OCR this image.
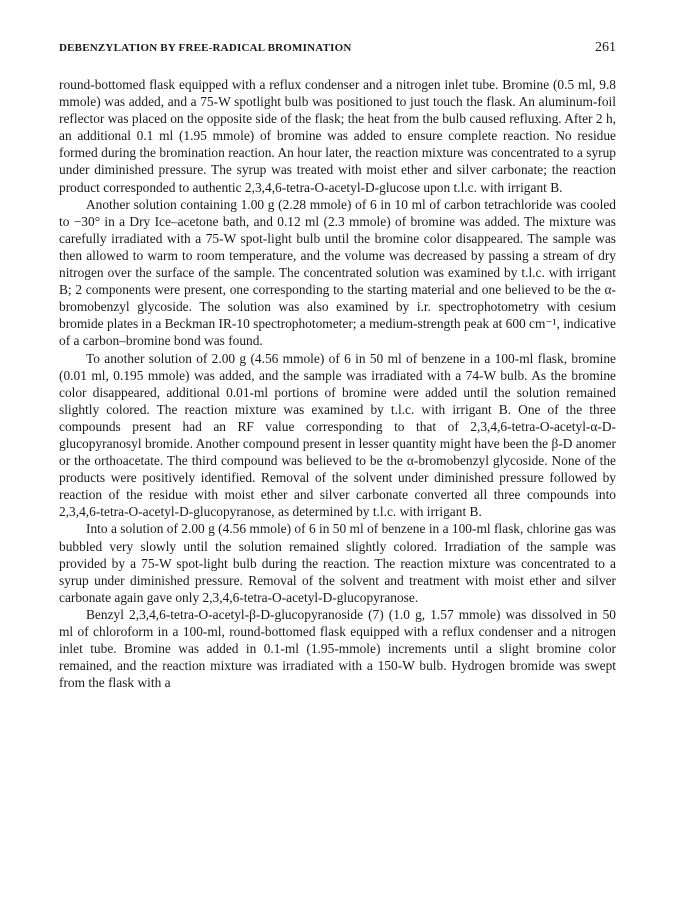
DEBENZYLATION BY FREE-RADICAL BROMINATION	261

round-bottomed flask equipped with a reflux condenser and a nitrogen inlet tube. Bromine (0.5 ml, 9.8 mmole) was added, and a 75-W spotlight bulb was positioned to just touch the flask. An aluminum-foil reflector was placed on the opposite side of the flask; the heat from the bulb caused refluxing. After 2 h, an additional 0.1 ml (1.95 mmole) of bromine was added to ensure complete reaction. No residue formed during the bromination reaction. An hour later, the reaction mixture was concentrated to a syrup under diminished pressure. The syrup was treated with moist ether and silver carbonate; the reaction product corresponded to authentic 2,3,4,6-tetra-O-acetyl-D-glucose upon t.l.c. with irrigant B.

Another solution containing 1.00 g (2.28 mmole) of 6 in 10 ml of carbon tetrachloride was cooled to −30° in a Dry Ice–acetone bath, and 0.12 ml (2.3 mmole) of bromine was added. The mixture was carefully irradiated with a 75-W spot-light bulb until the bromine color disappeared. The sample was then allowed to warm to room temperature, and the volume was decreased by passing a stream of dry nitrogen over the surface of the sample. The concentrated solution was examined by t.l.c. with irrigant B; 2 components were present, one corresponding to the starting material and one believed to be the α-bromobenzyl glycoside. The solution was also examined by i.r. spectrophotometry with cesium bromide plates in a Beckman IR-10 spectrophotometer; a medium-strength peak at 600 cm⁻¹, indicative of a carbon–bromine bond was found.

To another solution of 2.00 g (4.56 mmole) of 6 in 50 ml of benzene in a 100-ml flask, bromine (0.01 ml, 0.195 mmole) was added, and the sample was irradiated with a 74-W bulb. As the bromine color disappeared, additional 0.01-ml portions of bromine were added until the solution remained slightly colored. The reaction mixture was examined by t.l.c. with irrigant B. One of the three compounds present had an RF value corresponding to that of 2,3,4,6-tetra-O-acetyl-α-D-glucopyranosyl bromide. Another compound present in lesser quantity might have been the β-D anomer or the orthoacetate. The third compound was believed to be the α-bromobenzyl glycoside. None of the products were positively identified. Removal of the solvent under diminished pressure followed by reaction of the residue with moist ether and silver carbonate converted all three compounds into 2,3,4,6-tetra-O-acetyl-D-glucopyranose, as determined by t.l.c. with irrigant B.

Into a solution of 2.00 g (4.56 mmole) of 6 in 50 ml of benzene in a 100-ml flask, chlorine gas was bubbled very slowly until the solution remained slightly colored. Irradiation of the sample was provided by a 75-W spot-light bulb during the reaction. The reaction mixture was concentrated to a syrup under diminished pressure. Removal of the solvent and treatment with moist ether and silver carbonate again gave only 2,3,4,6-tetra-O-acetyl-D-glucopyranose.

Benzyl 2,3,4,6-tetra-O-acetyl-β-D-glucopyranoside (7) (1.0 g, 1.57 mmole) was dissolved in 50 ml of chloroform in a 100-ml, round-bottomed flask equipped with a reflux condenser and a nitrogen inlet tube. Bromine was added in 0.1-ml (1.95-mmole) increments until a slight bromine color remained, and the reaction mixture was irradiated with a 150-W bulb. Hydrogen bromide was swept from the flask with a
